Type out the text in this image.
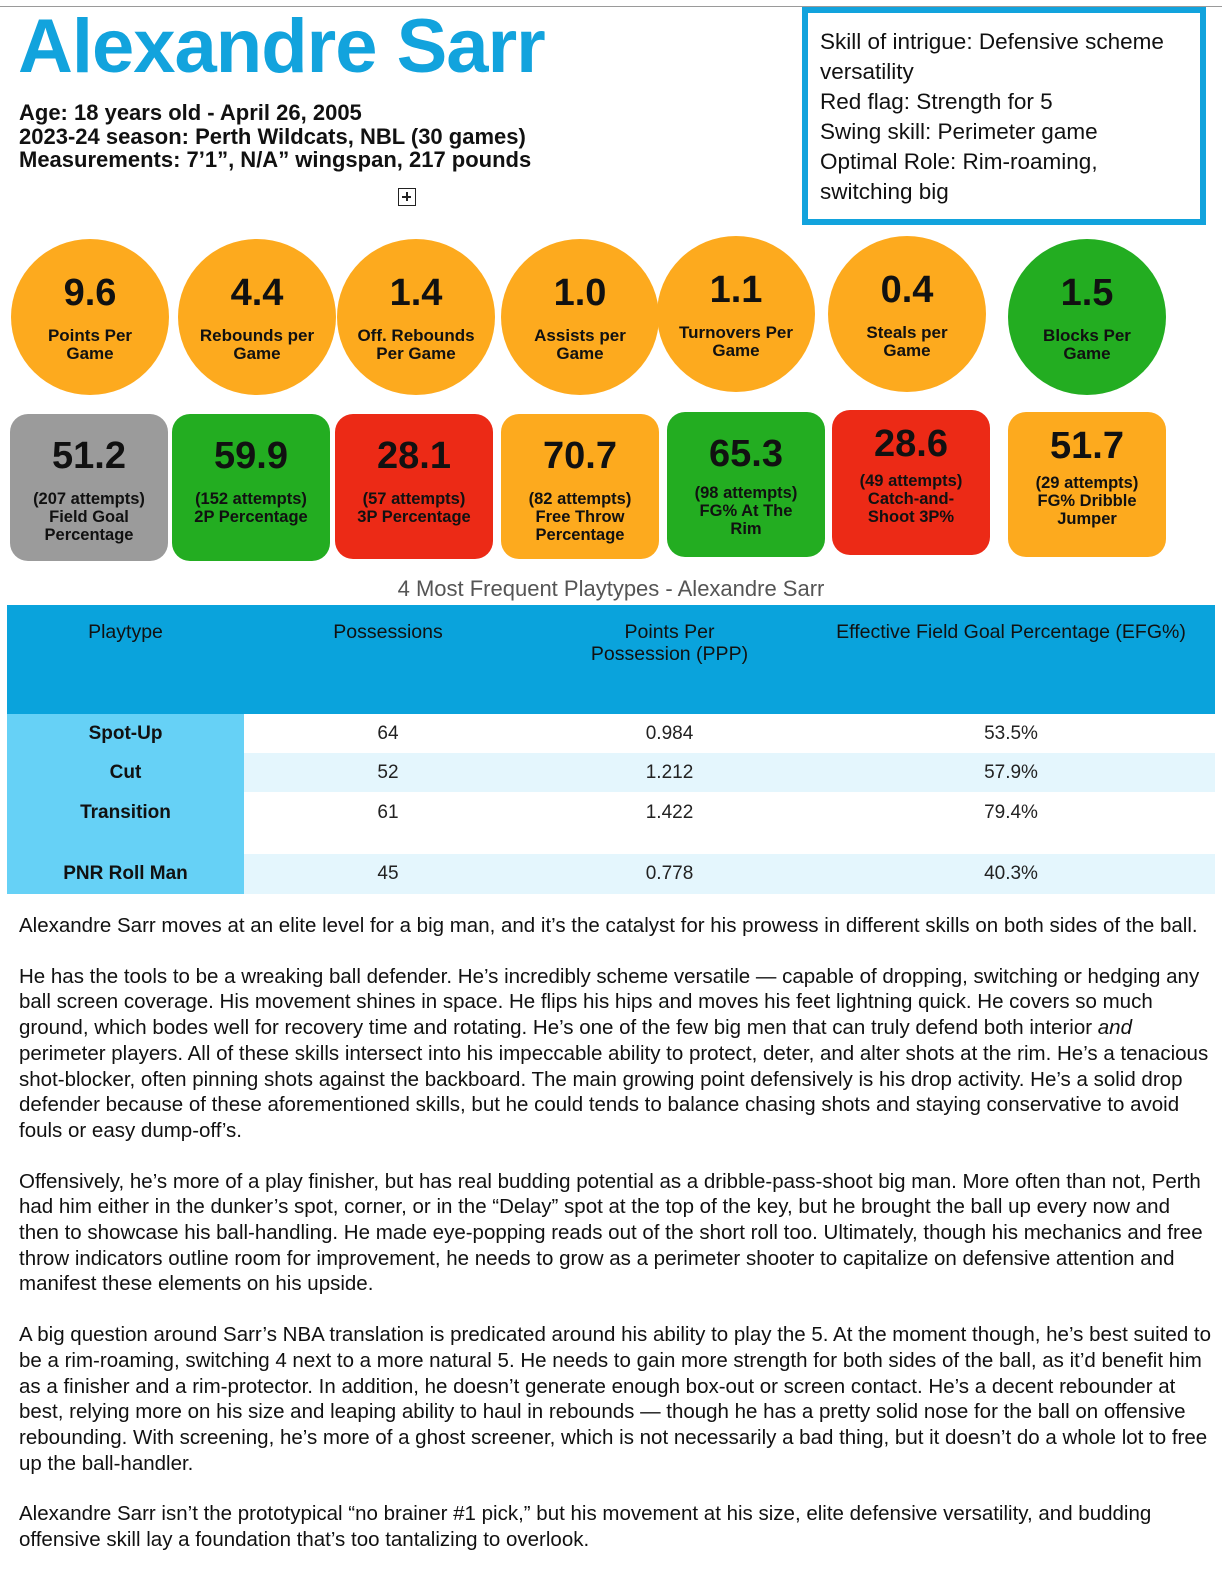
Alexandre Sarr
Age: 18 years old - April 26, 2005
2023-24 season: Perth Wildcats, NBL (30 games)
Measurements: 7’1”, N/A” wingspan, 217 pounds
Skill of intrigue: Defensive scheme versatility
Red flag: Strength for 5
Swing skill: Perimeter game
Optimal Role: Rim-roaming, switching big
9.6
Points Per Game
4.4
Rebounds per Game
1.4
Off. Rebounds Per Game
1.0
Assists per Game
1.1
Turnovers Per Game
0.4
Steals per Game
1.5
Blocks Per Game
51.2
(207 attempts)
Field Goal Percentage
59.9
(152 attempts)
2P Percentage
28.1
(57 attempts)
3P Percentage
70.7
(82 attempts)
Free Throw Percentage
65.3
(98 attempts)
FG% At The Rim
28.6
(49 attempts)
Catch-and-Shoot 3P%
51.7
(29 attempts)
FG% Dribble Jumper
4 Most Frequent Playtypes - Alexandre Sarr
Playtype	Possessions	Points Per Possession (PPP)	Effective Field Goal Percentage (EFG%)
Spot-Up	64	0.984	53.5%
Cut	52	1.212	57.9%
Transition	61	1.422	79.4%
PNR Roll Man	45	0.778	40.3%

Alexandre Sarr moves at an elite level for a big man, and it’s the catalyst for his prowess in different skills on both sides of the ball.

He has the tools to be a wreaking ball defender. He’s incredibly scheme versatile — capable of dropping, switching or hedging any ball screen coverage. His movement shines in space. He flips his hips and moves his feet lightning quick. He covers so much ground, which bodes well for recovery time and rotating. He’s one of the few big men that can truly defend both interior and perimeter players. All of these skills intersect into his impeccable ability to protect, deter, and alter shots at the rim. He’s a tenacious shot-blocker, often pinning shots against the backboard. The main growing point defensively is his drop activity. He’s a solid drop defender because of these aforementioned skills, but he could tends to balance chasing shots and staying conservative to avoid fouls or easy dump-off’s.

Offensively, he’s more of a play finisher, but has real budding potential as a dribble-pass-shoot big man. More often than not, Perth had him either in the dunker’s spot, corner, or in the “Delay” spot at the top of the key, but he brought the ball up every now and then to showcase his ball-handling. He made eye-popping reads out of the short roll too. Ultimately, though his mechanics and free throw indicators outline room for improvement, he needs to grow as a perimeter shooter to capitalize on defensive attention and manifest these elements on his upside.

A big question around Sarr’s NBA translation is predicated around his ability to play the 5. At the moment though, he’s best suited to be a rim-roaming, switching 4 next to a more natural 5. He needs to gain more strength for both sides of the ball, as it’d benefit him as a finisher and a rim-protector. In addition, he doesn’t generate enough box-out or screen contact. He’s a decent rebounder at best, relying more on his size and leaping ability to haul in rebounds — though he has a pretty solid nose for the ball on offensive rebounding. With screening, he’s more of a ghost screener, which is not necessarily a bad thing, but it doesn’t do a whole lot to free up the ball-handler.

Alexandre Sarr isn’t the prototypical “no brainer #1 pick,” but his movement at his size, elite defensive versatility, and budding offensive skill lay a foundation that’s too tantalizing to overlook.
